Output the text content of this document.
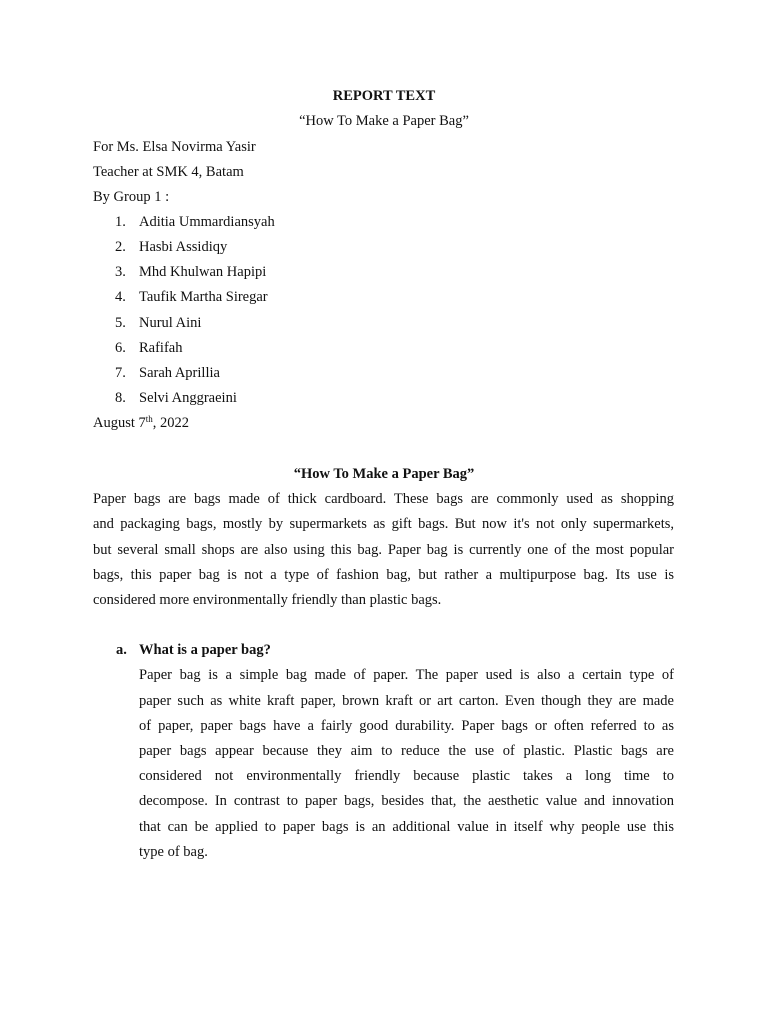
REPORT TEXT
“How To Make a Paper Bag”
For Ms. Elsa Novirma Yasir
Teacher at SMK 4, Batam
By Group 1 :
1. Aditia Ummardiansyah
2. Hasbi Assidiqy
3. Mhd Khulwan Hapipi
4. Taufik Martha Siregar
5. Nurul Aini
6. Rafifah
7. Sarah Aprillia
8. Selvi Anggraeini
August 7th, 2022
“How To Make a Paper Bag”
Paper bags are bags made of thick cardboard. These bags are commonly used as shopping
and packaging bags, mostly by supermarkets as gift bags. But now it's not only supermarkets,
but several small shops are also using this bag. Paper bag is currently one of the most popular
bags, this paper bag is not a type of fashion bag, but rather a multipurpose bag. Its use is
considered more environmentally friendly than plastic bags.
a. What is a paper bag?
Paper bag is a simple bag made of paper. The paper used is also a certain type of
paper such as white kraft paper, brown kraft or art carton. Even though they are made
of paper, paper bags have a fairly good durability. Paper bags or often referred to as
paper bags appear because they aim to reduce the use of plastic. Plastic bags are
considered not environmentally friendly because plastic takes a long time to
decompose. In contrast to paper bags, besides that, the aesthetic value and innovation
that can be applied to paper bags is an additional value in itself why people use this
type of bag.
